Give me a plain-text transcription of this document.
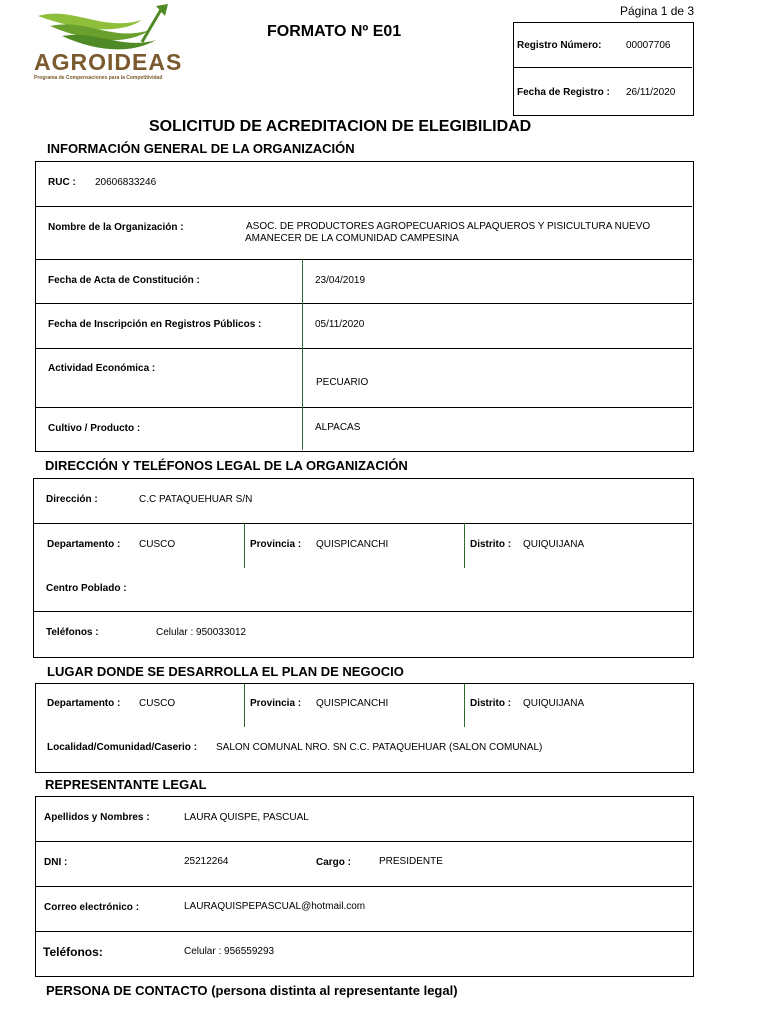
Página 1 de 3
AGROIDEAS
Programa de Compensaciones para la Competitividad
FORMATO Nº E01
Registro Número: 00007706
Fecha de Registro : 26/11/2020
SOLICITUD DE ACREDITACION DE ELEGIBILIDAD
INFORMACIÓN GENERAL DE LA ORGANIZACIÓN
RUC : 20606833246
Nombre de la Organización :	ASOC. DE PRODUCTORES AGROPECUARIOS ALPAQUEROS Y PISICULTURA NUEVO
AMANECER DE LA COMUNIDAD CAMPESINA
Fecha de Acta de Constitución :	23/04/2019
Fecha de Inscripción en Registros Públicos :	05/11/2020
Actividad Económica :
PECUARIO
Cultivo / Producto :	ALPACAS
DIRECCIÓN Y TELÉFONOS LEGAL DE LA ORGANIZACIÓN
Dirección :	C.C PATAQUEHUAR S/N
Departamento : CUSCO	Provincia : QUISPICANCHI	Distrito : QUIQUIJANA
Centro Poblado :
Teléfonos :	Celular : 950033012
LUGAR DONDE SE DESARROLLA EL PLAN DE NEGOCIO
Departamento : CUSCO	Provincia : QUISPICANCHI	Distrito : QUIQUIJANA
Localidad/Comunidad/Caserio : SALON COMUNAL NRO. SN C.C. PATAQUEHUAR (SALON COMUNAL)
REPRESENTANTE LEGAL
Apellidos y Nombres :	LAURA QUISPE, PASCUAL
DNI :	25212264	Cargo :	PRESIDENTE
Correo electrónico :	LAURAQUISPEPASCUAL@hotmail.com
Teléfonos:	Celular : 956559293
PERSONA DE CONTACTO (persona distinta al representante legal)
